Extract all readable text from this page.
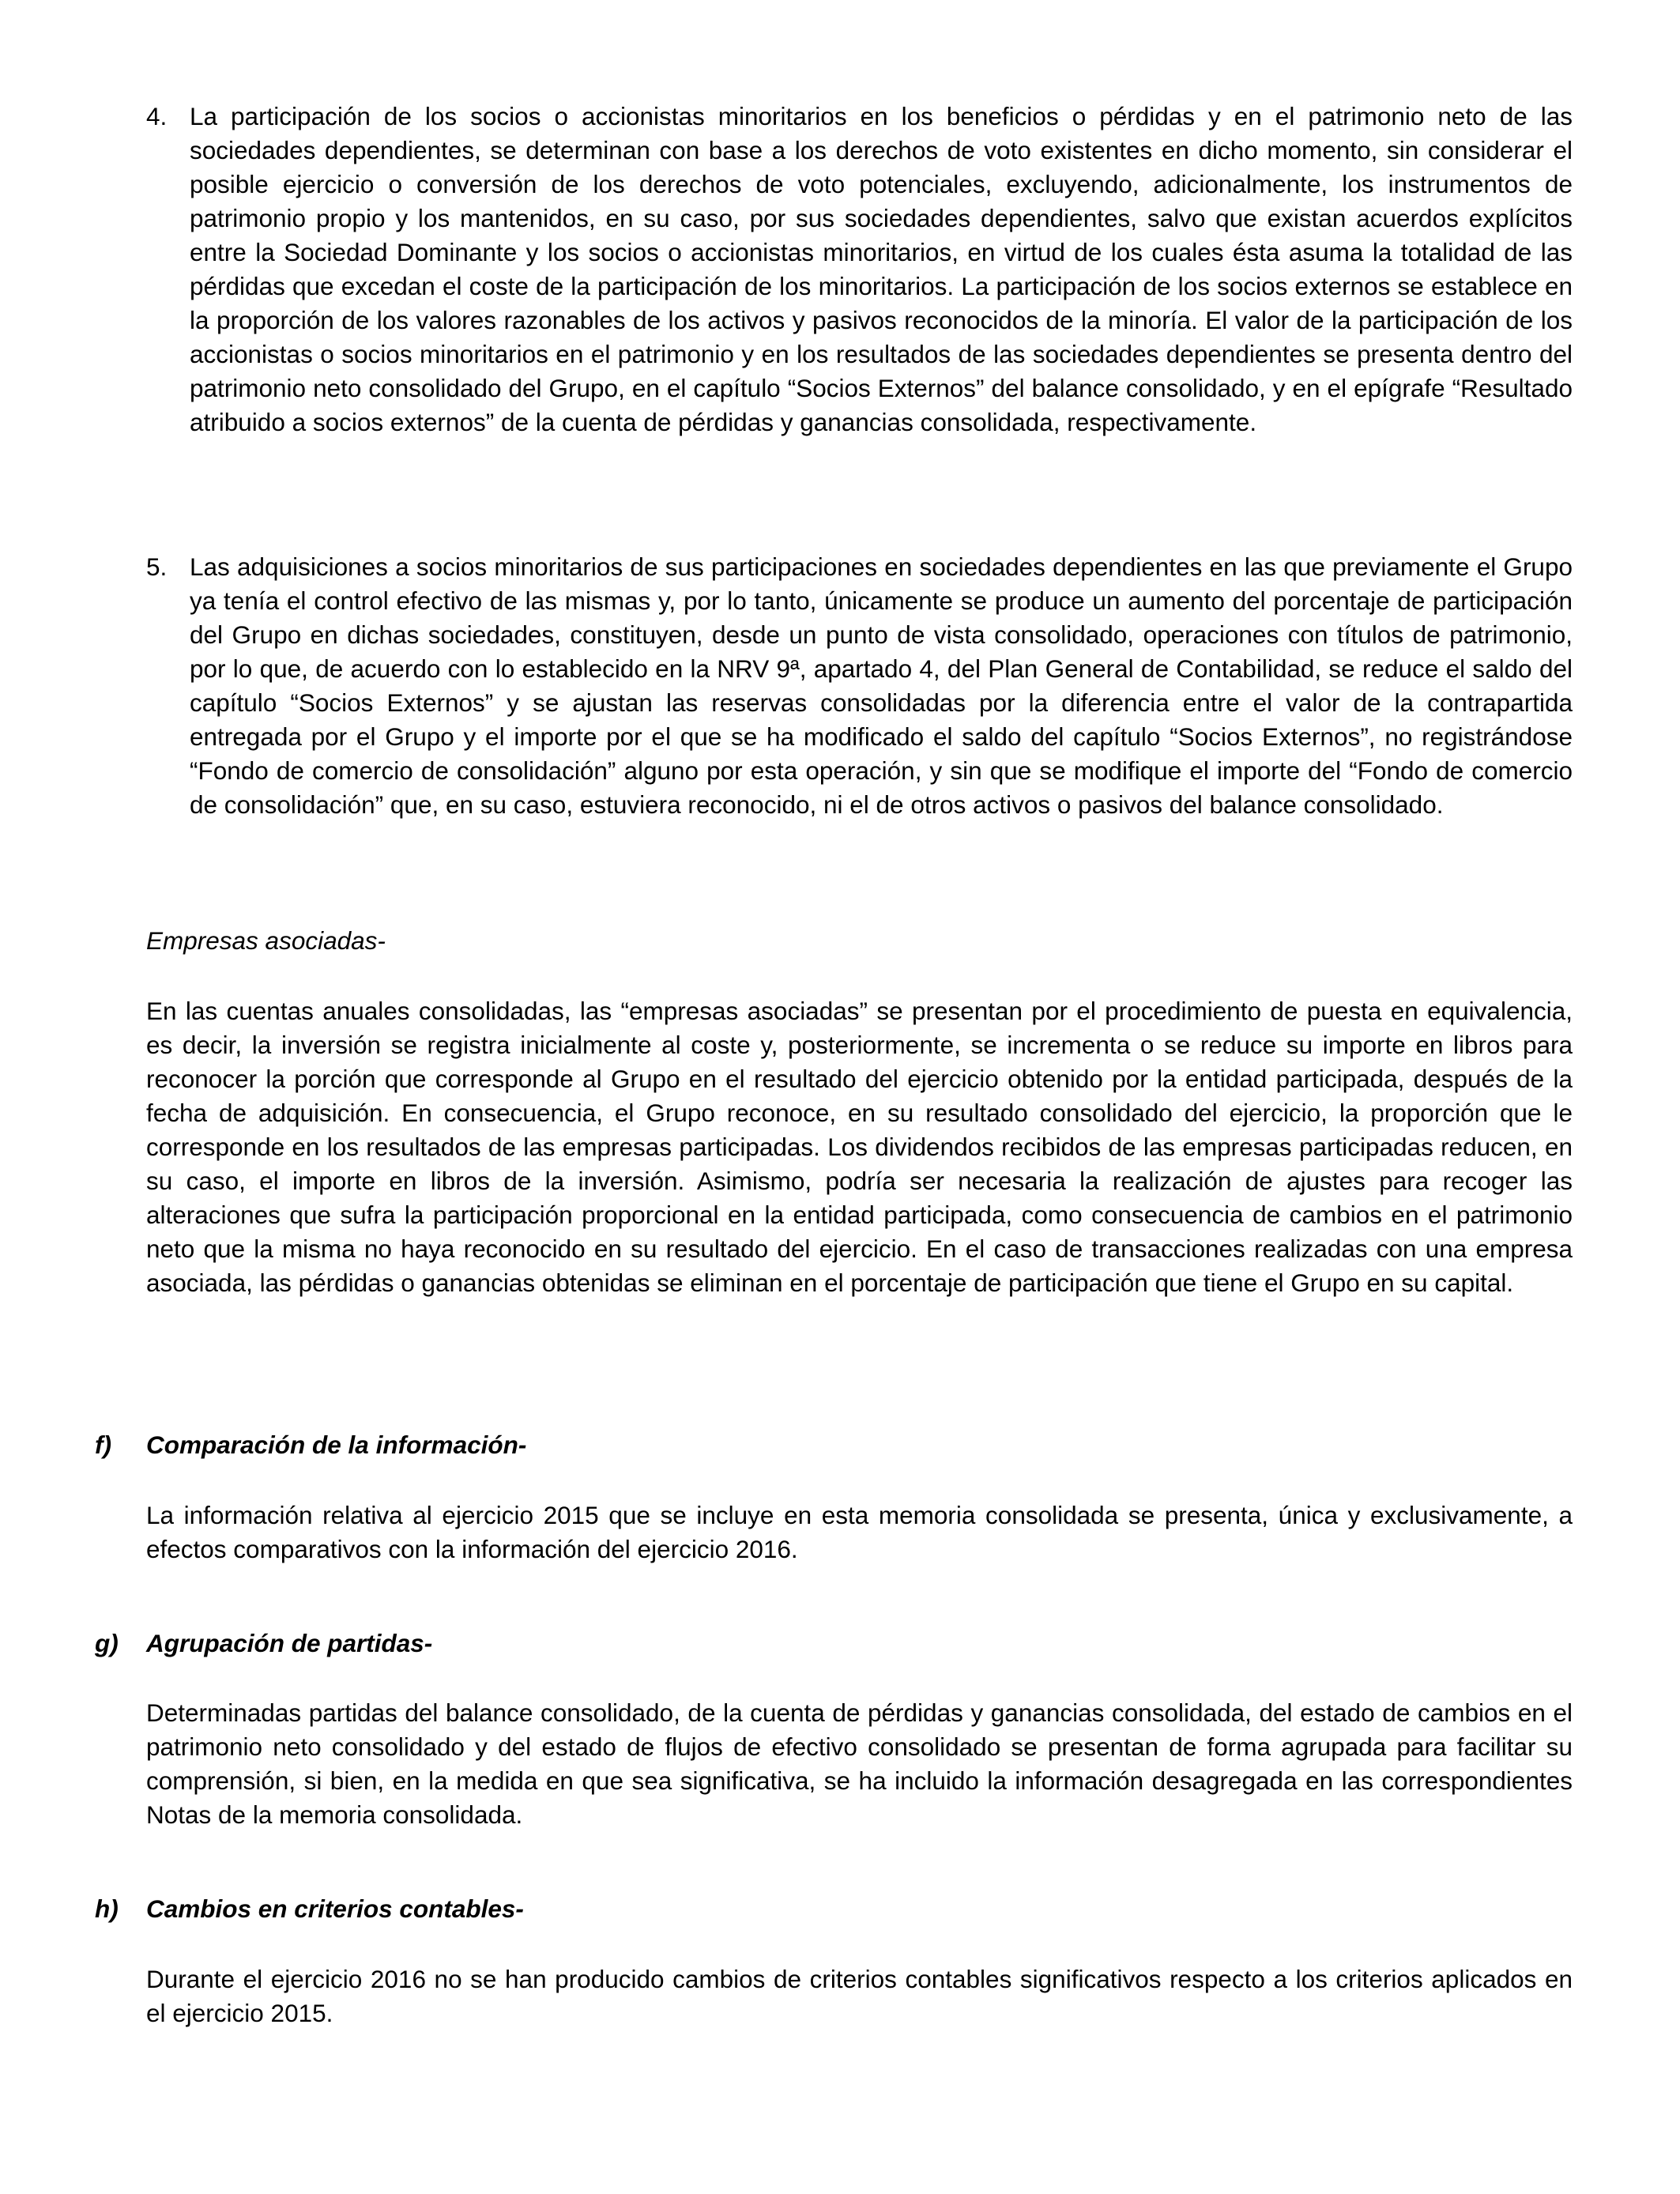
4. La participación de los socios o accionistas minoritarios en los beneficios o pérdidas y en el patrimonio neto de las sociedades dependientes, se determinan con base a los derechos de voto existentes en dicho momento, sin considerar el posible ejercicio o conversión de los derechos de voto potenciales, excluyendo, adicionalmente, los instrumentos de patrimonio propio y los mantenidos, en su caso, por sus sociedades dependientes, salvo que existan acuerdos explícitos entre la Sociedad Dominante y los socios o accionistas minoritarios, en virtud de los cuales ésta asuma la totalidad de las pérdidas que excedan el coste de la participación de los minoritarios. La participación de los socios externos se establece en la proporción de los valores razonables de los activos y pasivos reconocidos de la minoría. El valor de la participación de los accionistas o socios minoritarios en el patrimonio y en los resultados de las sociedades dependientes se presenta dentro del patrimonio neto consolidado del Grupo, en el capítulo “Socios Externos” del balance consolidado, y en el epígrafe “Resultado atribuido a socios externos” de la cuenta de pérdidas y ganancias consolidada, respectivamente.

5. Las adquisiciones a socios minoritarios de sus participaciones en sociedades dependientes en las que previamente el Grupo ya tenía el control efectivo de las mismas y, por lo tanto, únicamente se produce un aumento del porcentaje de participación del Grupo en dichas sociedades, constituyen, desde un punto de vista consolidado, operaciones con títulos de patrimonio, por lo que, de acuerdo con lo establecido en la NRV 9ª, apartado 4, del Plan General de Contabilidad, se reduce el saldo del capítulo “Socios Externos” y se ajustan las reservas consolidadas por la diferencia entre el valor de la contrapartida entregada por el Grupo y el importe por el que se ha modificado el saldo del capítulo “Socios Externos”, no registrándose “Fondo de comercio de consolidación” alguno por esta operación, y sin que se modifique el importe del “Fondo de comercio de consolidación” que, en su caso, estuviera reconocido, ni el de otros activos o pasivos del balance consolidado.

Empresas asociadas-

En las cuentas anuales consolidadas, las “empresas asociadas” se presentan por el procedimiento de puesta en equivalencia, es decir, la inversión se registra inicialmente al coste y, posteriormente, se incrementa o se reduce su importe en libros para reconocer la porción que corresponde al Grupo en el resultado del ejercicio obtenido por la entidad participada, después de la fecha de adquisición. En consecuencia, el Grupo reconoce, en su resultado consolidado del ejercicio, la proporción que le corresponde en los resultados de las empresas participadas. Los dividendos recibidos de las empresas participadas reducen, en su caso, el importe en libros de la inversión. Asimismo, podría ser necesaria la realización de ajustes para recoger las alteraciones que sufra la participación proporcional en la entidad participada, como consecuencia de cambios en el patrimonio neto que la misma no haya reconocido en su resultado del ejercicio. En el caso de transacciones realizadas con una empresa asociada, las pérdidas o ganancias obtenidas se eliminan en el porcentaje de participación que tiene el Grupo en su capital.

f) Comparación de la información-

La información relativa al ejercicio 2015 que se incluye en esta memoria consolidada se presenta, única y exclusivamente, a efectos comparativos con la información del ejercicio 2016.

g) Agrupación de partidas-

Determinadas partidas del balance consolidado, de la cuenta de pérdidas y ganancias consolidada, del estado de cambios en el patrimonio neto consolidado y del estado de flujos de efectivo consolidado se presentan de forma agrupada para facilitar su comprensión, si bien, en la medida en que sea significativa, se ha incluido la información desagregada en las correspondientes Notas de la memoria consolidada.

h) Cambios en criterios contables-

Durante el ejercicio 2016 no se han producido cambios de criterios contables significativos respecto a los criterios aplicados en el ejercicio 2015.
